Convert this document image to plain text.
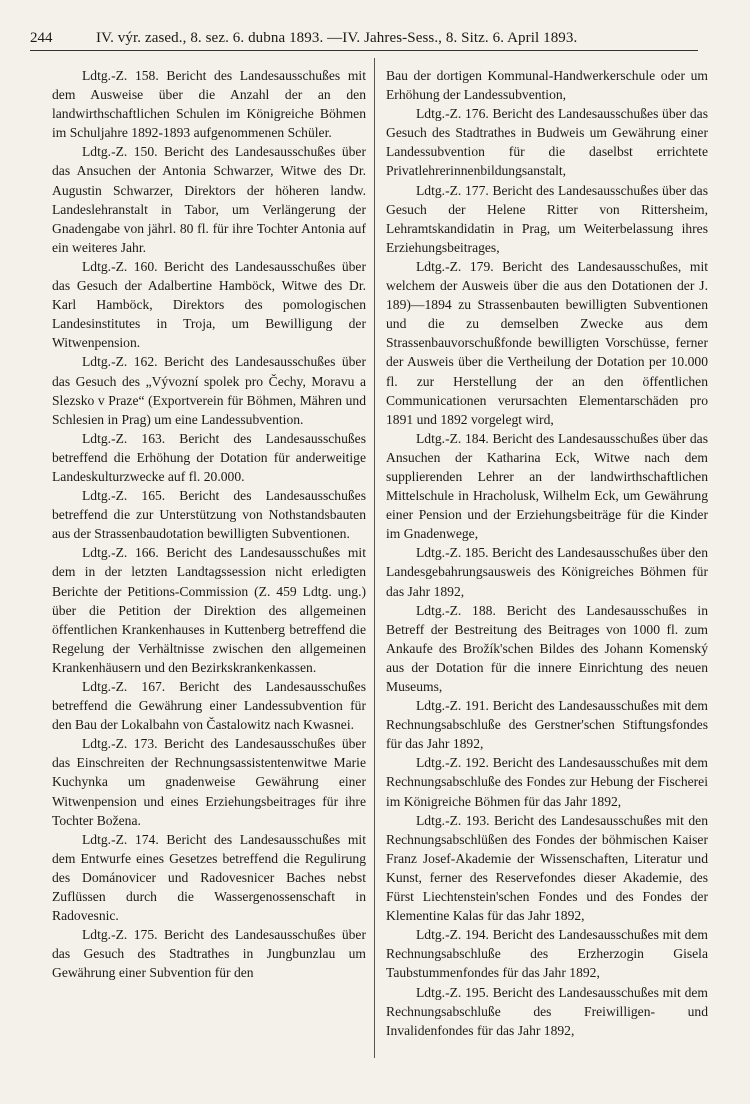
244	IV. výr. zased., 8. sez. 6. dubna 1893. —IV. Jahres-Sess., 8. Sitz. 6. April 1893.

Ldtg.-Z. 158. Bericht des Landesausschußes mit dem Ausweise über die Anzahl der an den landwirthschaftlichen Schulen im Königreiche Böhmen im Schuljahre 1892-1893 aufgenommenen Schüler.

Ldtg.-Z. 150. Bericht des Landesausschußes über das Ansuchen der Antonia Schwarzer, Witwe des Dr. Augustin Schwarzer, Direktors der höheren landw. Landeslehranstalt in Tabor, um Verlängerung der Gnadengabe von jährl. 80 fl. für ihre Tochter Antonia auf ein weiteres Jahr.

Ldtg.-Z. 160. Bericht des Landesausschußes über das Gesuch der Adalbertine Hamböck, Witwe des Dr. Karl Hamböck, Direktors des pomologischen Landesinstitutes in Troja, um Bewilligung der Witwenpension.

Ldtg.-Z. 162. Bericht des Landesausschußes über das Gesuch des „Vývozní spolek pro Čechy, Moravu a Slezsko v Praze“ (Exportverein für Böhmen, Mähren und Schlesien in Prag) um eine Landessubvention.

Ldtg.-Z. 163. Bericht des Landesausschußes betreffend die Erhöhung der Dotation für anderweitige Landeskulturzwecke auf fl. 20.000.

Ldtg.-Z. 165. Bericht des Landesausschußes betreffend die zur Unterstützung von Nothstandsbauten aus der Strassenbaudotation bewilligten Subventionen.

Ldtg.-Z. 166. Bericht des Landesausschußes mit dem in der letzten Landtagssession nicht erledigten Berichte der Petitions-Commission (Z. 459 Ldtg. ung.) über die Petition der Direktion des allgemeinen öffentlichen Krankenhauses in Kuttenberg betreffend die Regelung der Verhältnisse zwischen den allgemeinen Krankenhäusern und den Bezirkskrankenkassen.

Ldtg.-Z. 167. Bericht des Landesausschußes betreffend die Gewährung einer Landessubvention für den Bau der Lokalbahn von Častalowitz nach Kwasnei.

Ldtg.-Z. 173. Bericht des Landesausschußes über das Einschreiten der Rechnungsassistentenwitwe Marie Kuchynka um gnadenweise Gewährung einer Witwenpension und eines Erziehungsbeitrages für ihre Tochter Božena.

Ldtg.-Z. 174. Bericht des Landesausschußes mit dem Entwurfe eines Gesetzes betreffend die Regulirung des Dománovicer und Radovesnicer Baches nebst Zuflüssen durch die Wassergenossenschaft in Radovesnic.

Ldtg.-Z. 175. Bericht des Landesausschußes über das Gesuch des Stadtrathes in Jungbunzlau um Gewährung einer Subvention für den

Bau der dortigen Kommunal-Handwerkerschule oder um Erhöhung der Landessubvention,

Ldtg.-Z. 176. Bericht des Landesausschußes über das Gesuch des Stadtrathes in Budweis um Gewährung einer Landessubvention für die daselbst errichtete Privatlehrerinnenbildungsanstalt,

Ldtg.-Z. 177. Bericht des Landesausschußes über das Gesuch der Helene Ritter von Rittersheim, Lehramtskandidatin in Prag, um Weiterbelassung ihres Erziehungsbeitrages,

Ldtg.-Z. 179. Bericht des Landesausschußes, mit welchem der Ausweis über die aus den Dotationen der J. 189)—1894 zu Strassenbauten bewilligten Subventionen und die zu demselben Zwecke aus dem Strassenbauvorschußfonde bewilligten Vorschüsse, ferner der Ausweis über die Vertheilung der Dotation per 10.000 fl. zur Herstellung der an den öffentlichen Communicationen verursachten Elementarschäden pro 1891 und 1892 vorgelegt wird,

Ldtg.-Z. 184. Bericht des Landesausschußes über das Ansuchen der Katharina Eck, Witwe nach dem supplierenden Lehrer an der landwirthschaftlichen Mittelschule in Hracholusk, Wilhelm Eck, um Gewährung einer Pension und der Erziehungsbeiträge für die Kinder im Gnadenwege,

Ldtg.-Z. 185. Bericht des Landesausschußes über den Landesgebahrungsausweis des Königreiches Böhmen für das Jahr 1892,

Ldtg.-Z. 188. Bericht des Landesausschußes in Betreff der Bestreitung des Beitrages von 1000 fl. zum Ankaufe des Brožík'schen Bildes des Johann Komenský aus der Dotation für die innere Einrichtung des neuen Museums,

Ldtg.-Z. 191. Bericht des Landesausschußes mit dem Rechnungsabschluße des Gerstner'schen Stiftungsfondes für das Jahr 1892,

Ldtg.-Z. 192. Bericht des Landesausschußes mit dem Rechnungsabschluße des Fondes zur Hebung der Fischerei im Königreiche Böhmen für das Jahr 1892,

Ldtg.-Z. 193. Bericht des Landesausschußes mit den Rechnungsabschlüßen des Fondes der böhmischen Kaiser Franz Josef-Akademie der Wissenschaften, Literatur und Kunst, ferner des Reservefondes dieser Akademie, des Fürst Liechtenstein'schen Fondes und des Fondes der Klementine Kalas für das Jahr 1892,

Ldtg.-Z. 194. Bericht des Landesausschußes mit dem Rechnungsabschluße des Erzherzogin Gisela Taubstummenfondes für das Jahr 1892,

Ldtg.-Z. 195. Bericht des Landesausschußes mit dem Rechnungsabschluße des Freiwilligen- und Invalidenfondes für das Jahr 1892,
